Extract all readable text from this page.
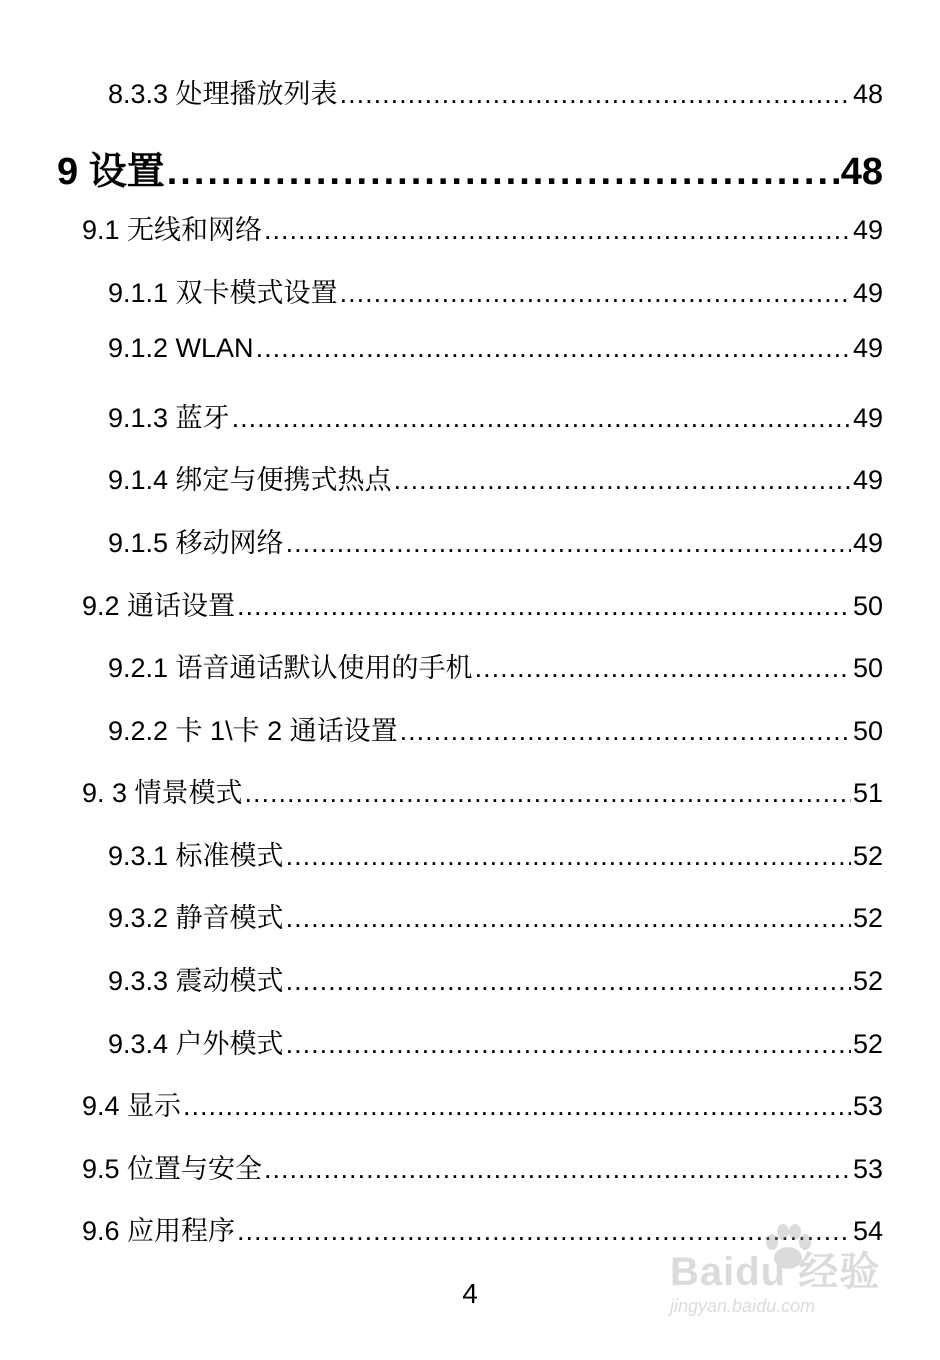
8.3.3 处理播放列表 .....	48
9 设置 .....	48
9.1 无线和网络 .....	49
9.1.1 双卡模式设置 .....	49
9.1.2 WLAN .....	49
9.1.3 蓝牙 .....	49
9.1.4 绑定与便携式热点 .....	49
9.1.5 移动网络 .....	49
9.2 通话设置 .....	50
9.2.1 语音通话默认使用的手机 .....	50
9.2.2 卡 1\卡 2 通话设置 .....	50
9. 3 情景模式 .....	51
9.3.1 标准模式 .....	52
9.3.2 静音模式 .....	52
9.3.3 震动模式 .....	52
9.3.4 户外模式 .....	52
9.4 显示 .....	53
9.5 位置与安全 .....	53
9.6 应用程序 .....	54
4	Baidu 经验
jingyan.baidu.com
